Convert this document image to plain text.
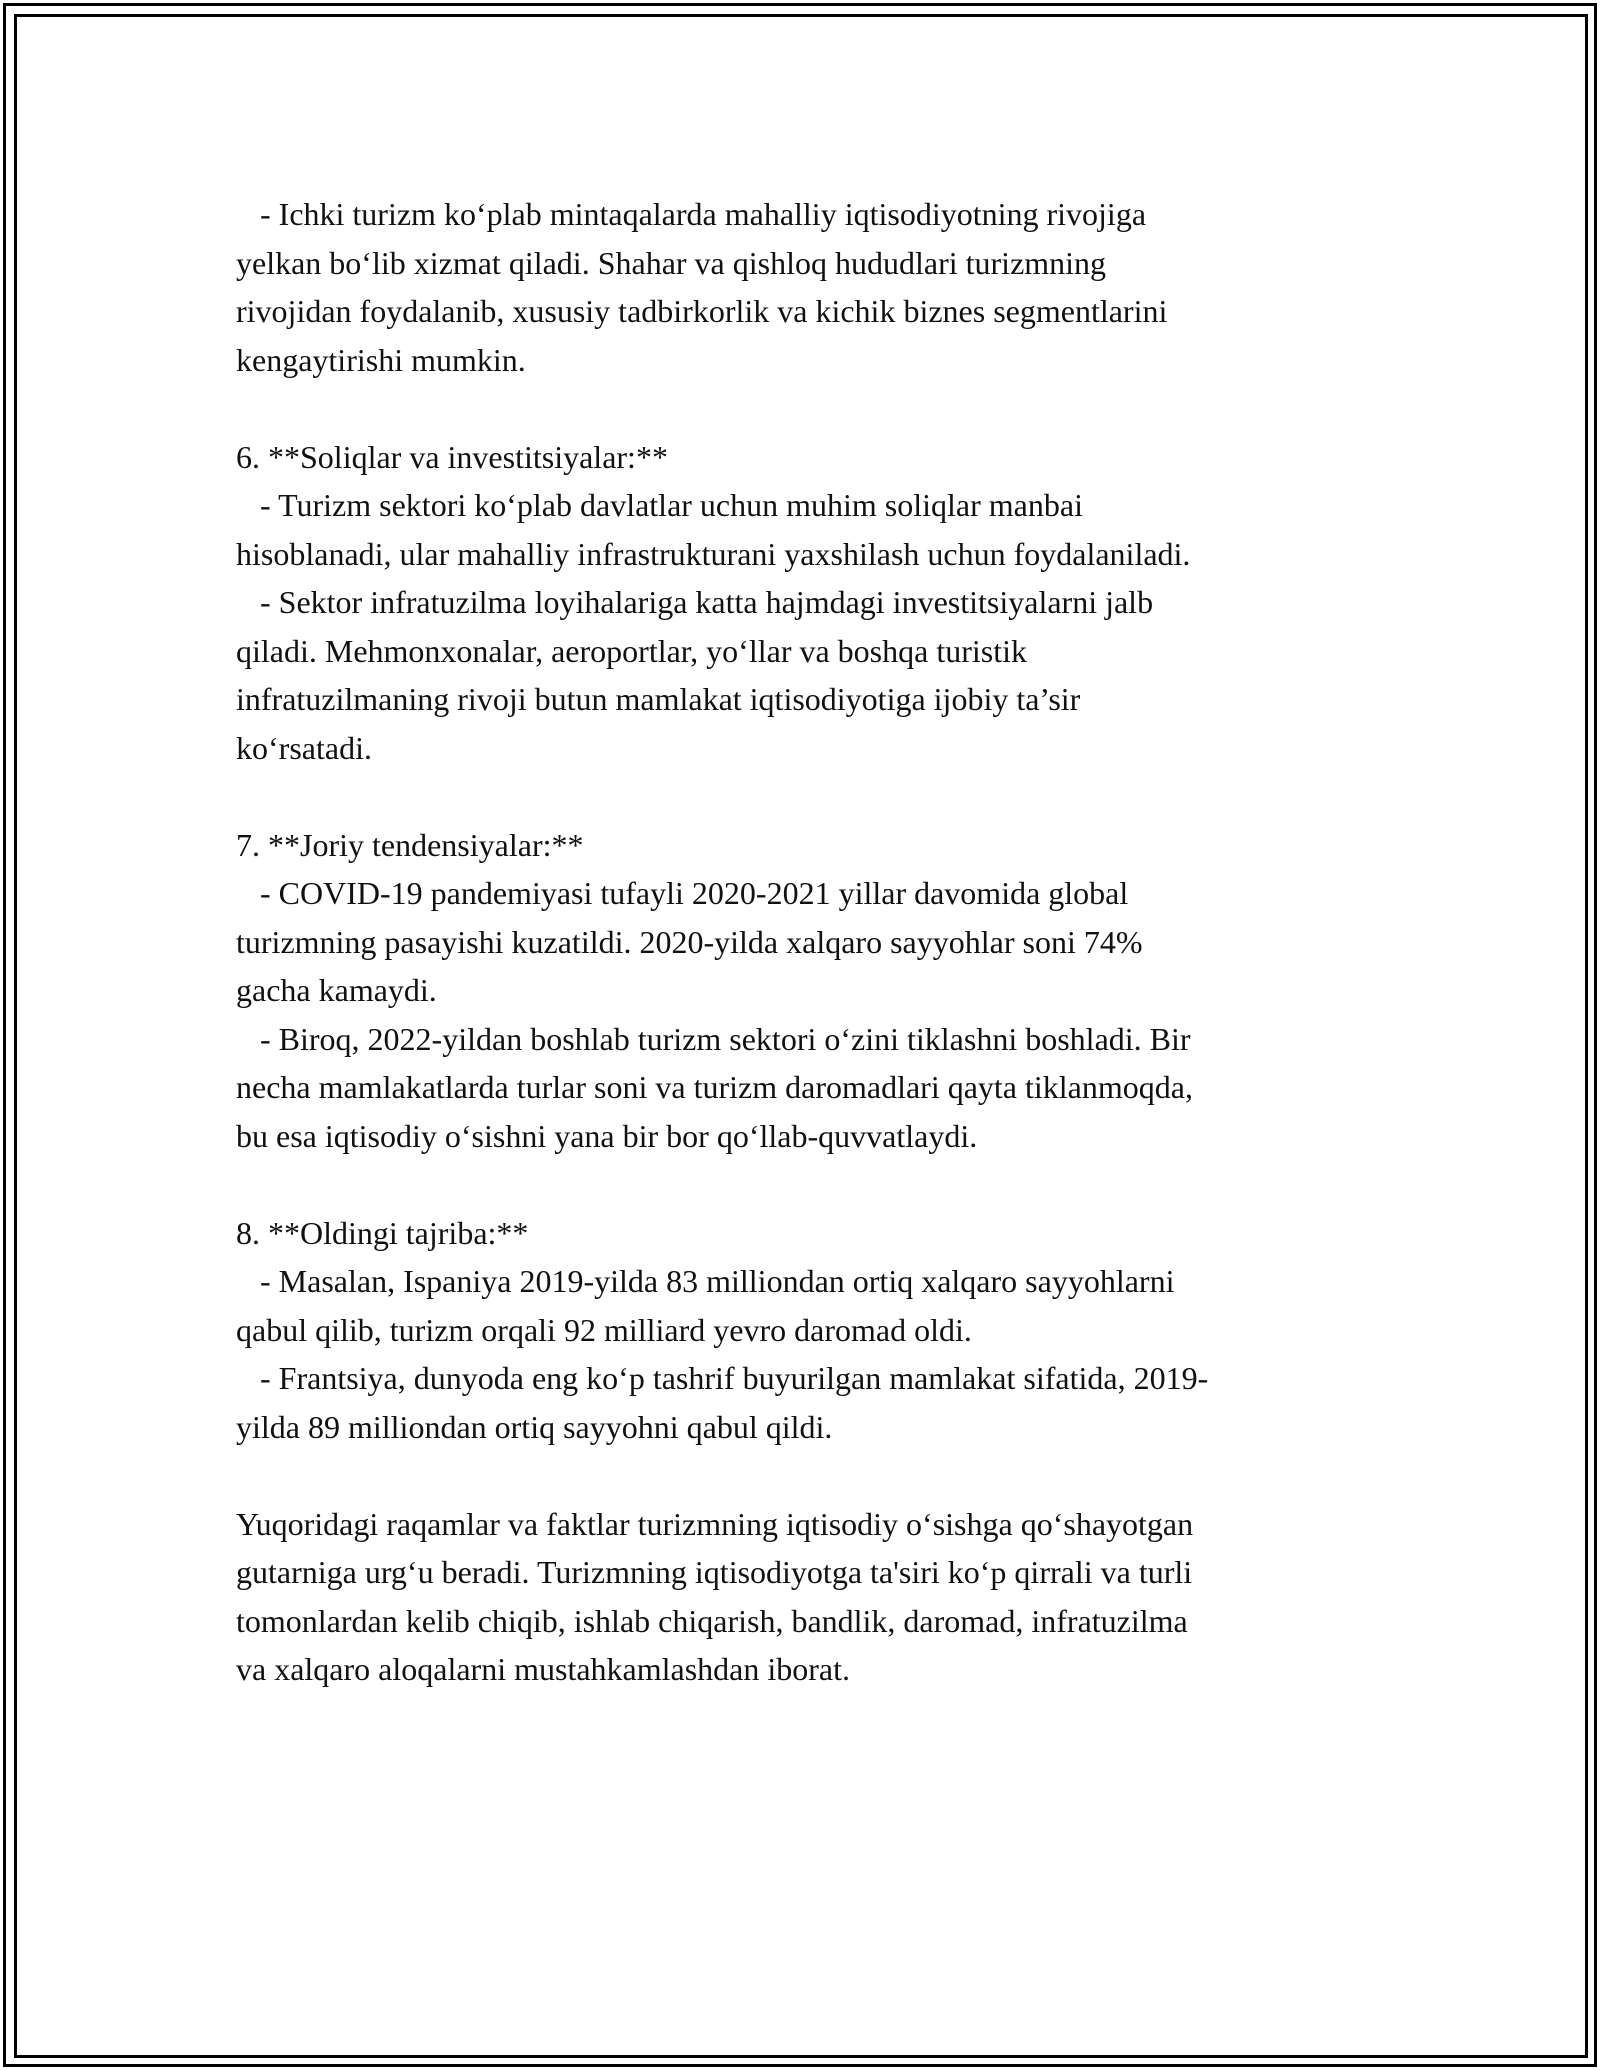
- Ichki turizm ko‘plab mintaqalarda mahalliy iqtisodiyotning rivojiga
yelkan bo‘lib xizmat qiladi. Shahar va qishloq hududlari turizmning
rivojidan foydalanib, xususiy tadbirkorlik va kichik biznes segmentlarini
kengaytirishi mumkin.
6. **Soliqlar va investitsiyalar:**
- Turizm sektori ko‘plab davlatlar uchun muhim soliqlar manbai
hisoblanadi, ular mahalliy infrastrukturani yaxshilash uchun foydalaniladi.
- Sektor infratuzilma loyihalariga katta hajmdagi investitsiyalarni jalb
qiladi. Mehmonxonalar, aeroportlar, yo‘llar va boshqa turistik
infratuzilmaning rivoji butun mamlakat iqtisodiyotiga ijobiy ta’sir
ko‘rsatadi.
7. **Joriy tendensiyalar:**
- COVID-19 pandemiyasi tufayli 2020-2021 yillar davomida global
turizmning pasayishi kuzatildi. 2020-yilda xalqaro sayyohlar soni 74%
gacha kamaydi.
- Biroq, 2022-yildan boshlab turizm sektori o‘zini tiklashni boshladi. Bir
necha mamlakatlarda turlar soni va turizm daromadlari qayta tiklanmoqda,
bu esa iqtisodiy o‘sishni yana bir bor qo‘llab-quvvatlaydi.
8. **Oldingi tajriba:**
- Masalan, Ispaniya 2019-yilda 83 milliondan ortiq xalqaro sayyohlarni
qabul qilib, turizm orqali 92 milliard yevro daromad oldi.
- Frantsiya, dunyoda eng ko‘p tashrif buyurilgan mamlakat sifatida, 2019-
yilda 89 milliondan ortiq sayyohni qabul qildi.
Yuqoridagi raqamlar va faktlar turizmning iqtisodiy o‘sishga qo‘shayotgan
gutarniga urg‘u beradi. Turizmning iqtisodiyotga ta'siri ko‘p qirrali va turli
tomonlardan kelib chiqib, ishlab chiqarish, bandlik, daromad, infratuzilma
va xalqaro aloqalarni mustahkamlashdan iborat.
